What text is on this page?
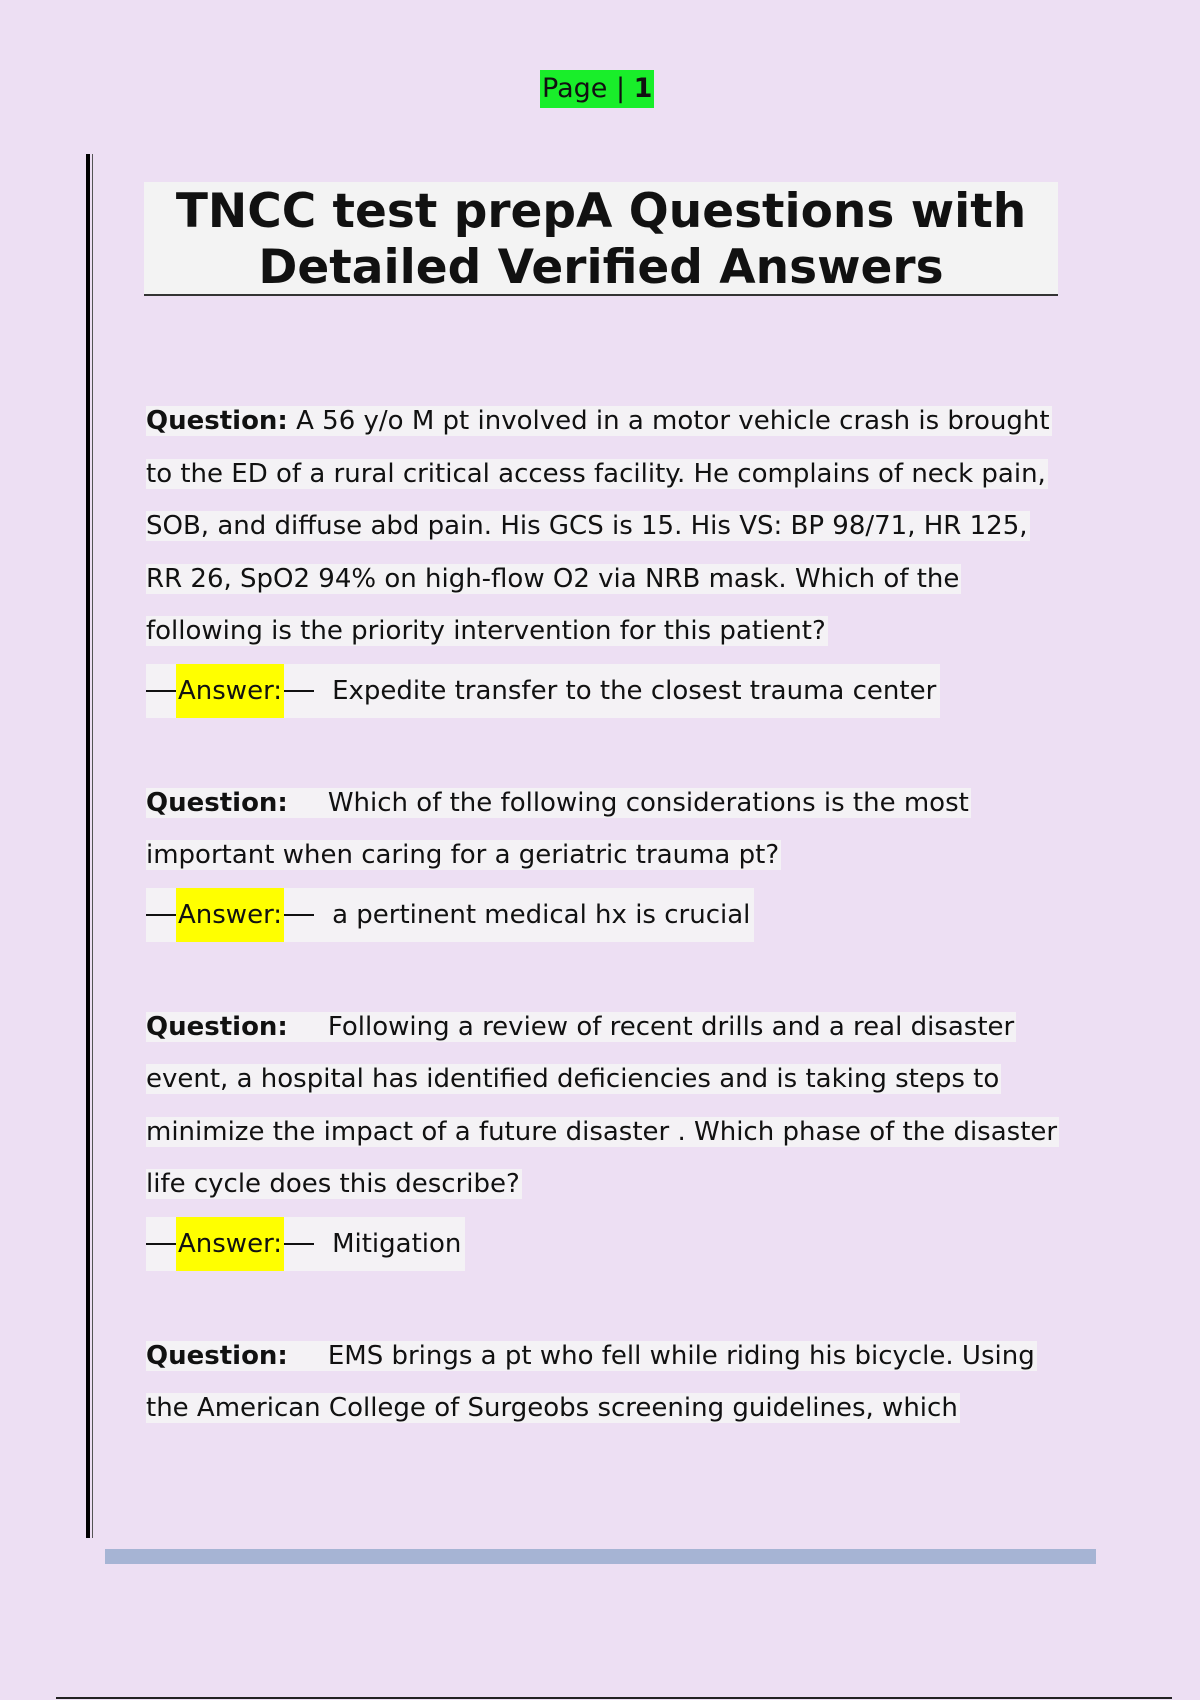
Page | 1
TNCC test prepA Questions with
Detailed Verified Answers
Question: A 56 y/o M pt involved in a motor vehicle crash is brought
to the ED of a rural critical access facility. He complains of neck pain,
SOB, and diffuse abd pain. His GCS is 15. His VS: BP 98/71, HR 125,
RR 26, SpO2 94% on high-flow O2 via NRB mask. Which of the
following is the priority intervention for this patient?
Answer: Expedite transfer to the closest trauma center
Question: Which of the following considerations is the most
important when caring for a geriatric trauma pt?
Answer: a pertinent medical hx is crucial
Question: Following a review of recent drills and a real disaster
event, a hospital has identified deficiencies and is taking steps to
minimize the impact of a future disaster . Which phase of the disaster
life cycle does this describe?
Answer: Mitigation
Question: EMS brings a pt who fell while riding his bicycle. Using
the American College of Surgeobs screening guidelines, which
